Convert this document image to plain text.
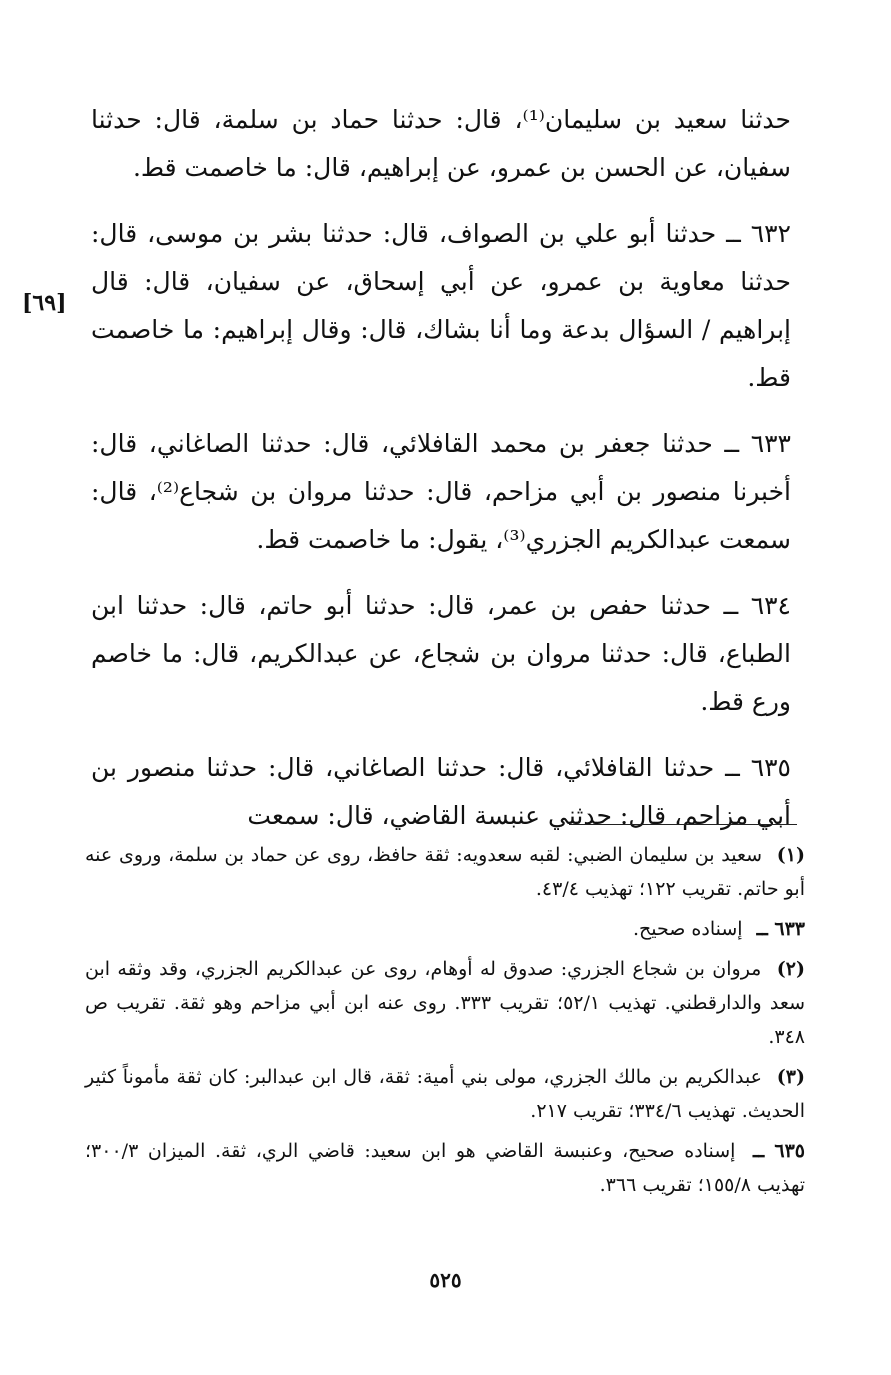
حدثنا سعيد بن سليمان⁽¹⁾، قال: حدثنا حماد بن سلمة، قال: حدثنا سفيان، عن الحسن بن عمرو، عن إبراهيم، قال: ما خاصمت قط.

٦٣٢ ــ حدثنا أبو علي بن الصواف، قال: حدثنا بشر بن موسى، قال: حدثنا معاوية بن عمرو، عن أبي إسحاق، عن سفيان، قال: قال إبراهيم / السؤال بدعة وما أنا بشاك، قال: وقال إبراهيم: ما خاصمت قط.

٦٣٣ ــ حدثنا جعفر بن محمد القافلائي، قال: حدثنا الصاغاني، قال: أخبرنا منصور بن أبي مزاحم، قال: حدثنا مروان بن شجاع⁽²⁾، قال: سمعت عبدالكريم الجزري⁽³⁾، يقول: ما خاصمت قط.

٦٣٤ ــ حدثنا حفص بن عمر، قال: حدثنا أبو حاتم، قال: حدثنا ابن الطباع، قال: حدثنا مروان بن شجاع، عن عبدالكريم، قال: ما خاصم ورع قط.

٦٣٥ ــ حدثنا القافلائي، قال: حدثنا الصاغاني، قال: حدثنا منصور بن أبي مزاحم، قال: حدثني عنبسة القاضي، قال: سمعت

[٦٩]

(١) سعيد بن سليمان الضبي: لقبه سعدويه: ثقة حافظ، روى عن حماد بن سلمة، وروى عنه أبو حاتم. تقريب ١٢٢؛ تهذيب ٤٣/٤.

٦٣٣ ــ إسناده صحيح.

(٢) مروان بن شجاع الجزري: صدوق له أوهام، روى عن عبدالكريم الجزري، وقد وثقه ابن سعد والدارقطني. تهذيب ٥٢/١؛ تقريب ٣٣٣. روى عنه ابن أبي مزاحم وهو ثقة. تقريب ص ٣٤٨.

(٣) عبدالكريم بن مالك الجزري، مولى بني أمية: ثقة، قال ابن عبدالبر: كان ثقة مأموناً كثير الحديث. تهذيب ٣٣٤/٦؛ تقريب ٢١٧.

٦٣٥ ــ إسناده صحيح، وعنبسة القاضي هو ابن سعيد: قاضي الري، ثقة. الميزان ٣٠٠/٣؛ تهذيب ١٥٥/٨؛ تقريب ٣٦٦.

٥٢٥
